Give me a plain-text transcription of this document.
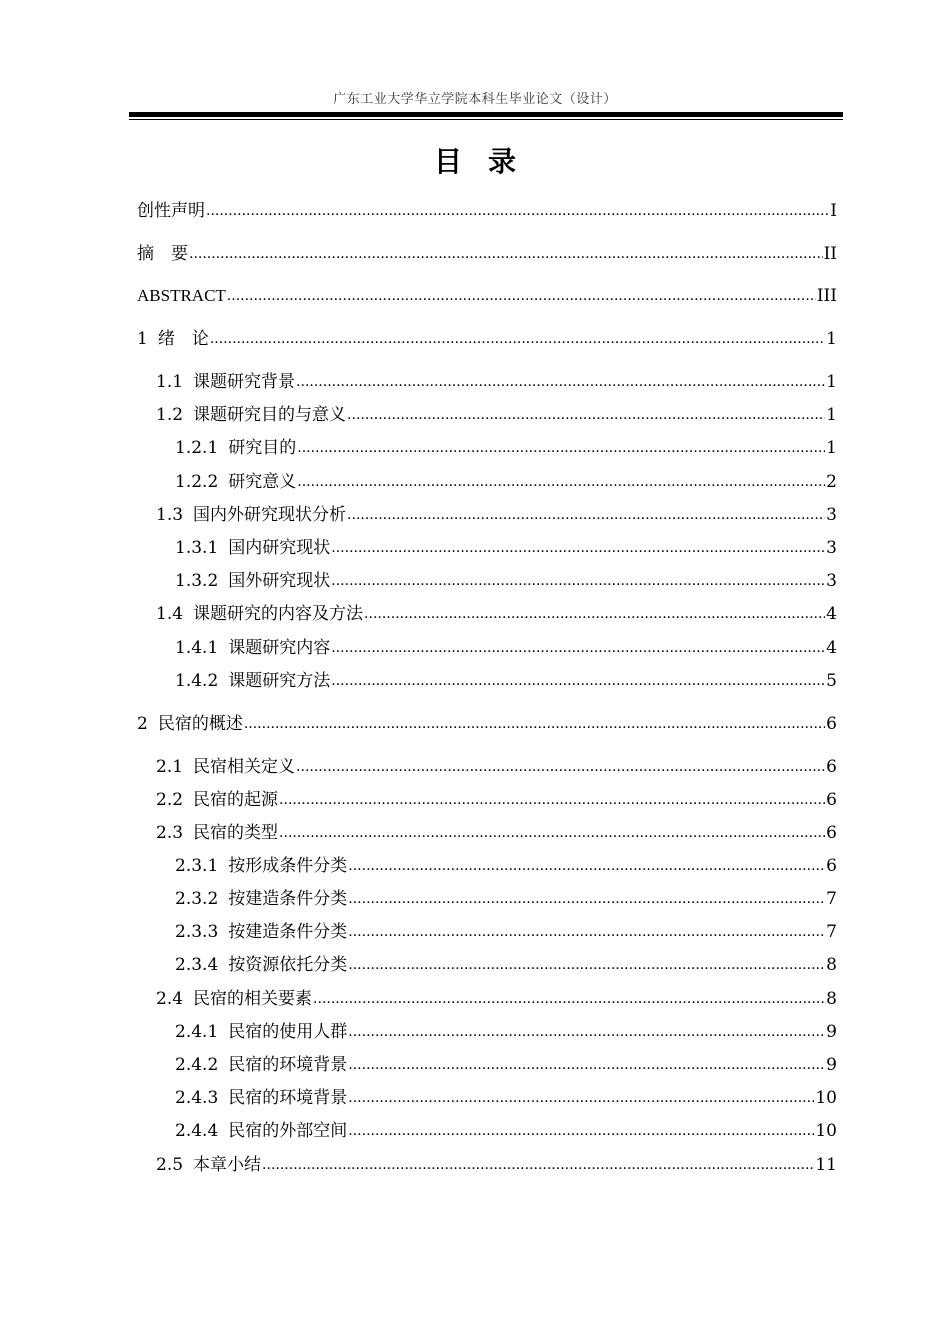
广东工业大学华立学院本科生毕业论文（设计）
目录
创性声明 .....	I
摘　要 .....	II
ABSTRACT .....	III
1 绪　论 .....	1
1.1 课题研究背景 .....	1
1.2 课题研究目的与意义 .....	1
1.2.1 研究目的 .....	1
1.2.2 研究意义 .....	2
1.3 国内外研究现状分析 .....	3
1.3.1 国内研究现状 .....	3
1.3.2 国外研究现状 .....	3
1.4 课题研究的内容及方法 .....	4
1.4.1 课题研究内容 .....	4
1.4.2 课题研究方法 .....	5
2 民宿的概述 .....	6
2.1 民宿相关定义 .....	6
2.2 民宿的起源 .....	6
2.3 民宿的类型 .....	6
2.3.1 按形成条件分类 .....	6
2.3.2 按建造条件分类 .....	7
2.3.3 按建造条件分类 .....	7
2.3.4 按资源依托分类 .....	8
2.4 民宿的相关要素 .....	8
2.4.1 民宿的使用人群 .....	9
2.4.2 民宿的环境背景 .....	9
2.4.3 民宿的环境背景 .....	10
2.4.4 民宿的外部空间 .....	10
2.5 本章小结 .....	11
